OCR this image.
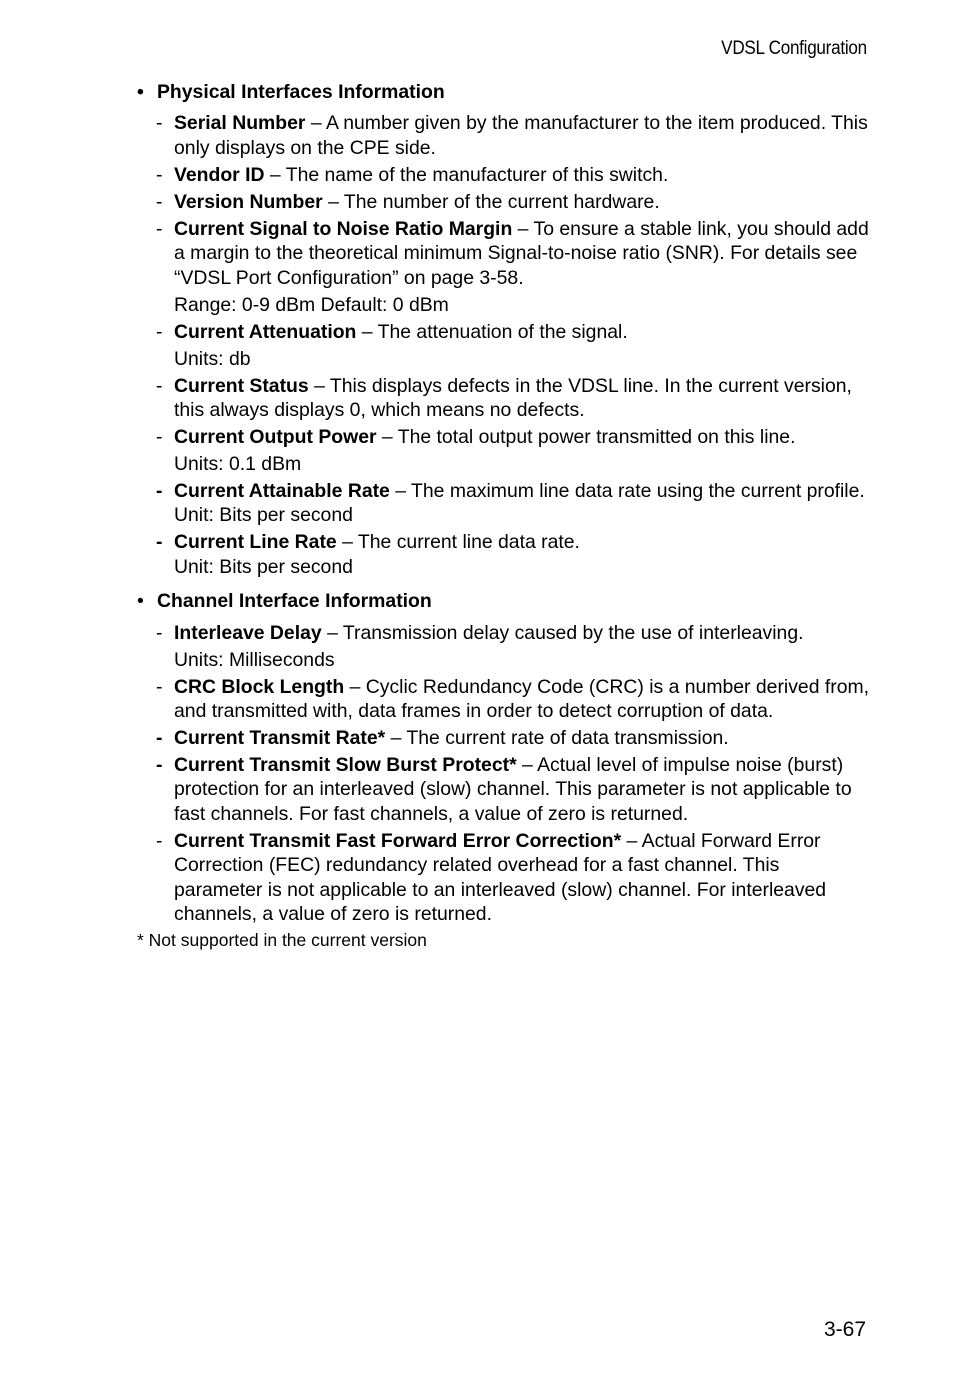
VDSL Configuration
• Physical Interfaces Information
- Serial Number – A number given by the manufacturer to the item produced. This only displays on the CPE side.
- Vendor ID – The name of the manufacturer of this switch.
- Version Number – The number of the current hardware.
- Current Signal to Noise Ratio Margin – To ensure a stable link, you should add a margin to the theoretical minimum Signal-to-noise ratio (SNR). For details see “VDSL Port Configuration” on page 3-58.
Range: 0-9 dBm Default: 0 dBm
- Current Attenuation – The attenuation of the signal.
Units: db
- Current Status – This displays defects in the VDSL line. In the current version, this always displays 0, which means no defects.
- Current Output Power – The total output power transmitted on this line.
Units: 0.1 dBm
- Current Attainable Rate – The maximum line data rate using the current profile.
Unit: Bits per second
- Current Line Rate – The current line data rate.
Unit: Bits per second
• Channel Interface Information
- Interleave Delay – Transmission delay caused by the use of interleaving.
Units: Milliseconds
- CRC Block Length – Cyclic Redundancy Code (CRC) is a number derived from, and transmitted with, data frames in order to detect corruption of data.
- Current Transmit Rate* – The current rate of data transmission.
- Current Transmit Slow Burst Protect* – Actual level of impulse noise (burst) protection for an interleaved (slow) channel. This parameter is not applicable to fast channels. For fast channels, a value of zero is returned.
- Current Transmit Fast Forward Error Correction* – Actual Forward Error Correction (FEC) redundancy related overhead for a fast channel. This parameter is not applicable to an interleaved (slow) channel. For interleaved channels, a value of zero is returned.
* Not supported in the current version
3-67
